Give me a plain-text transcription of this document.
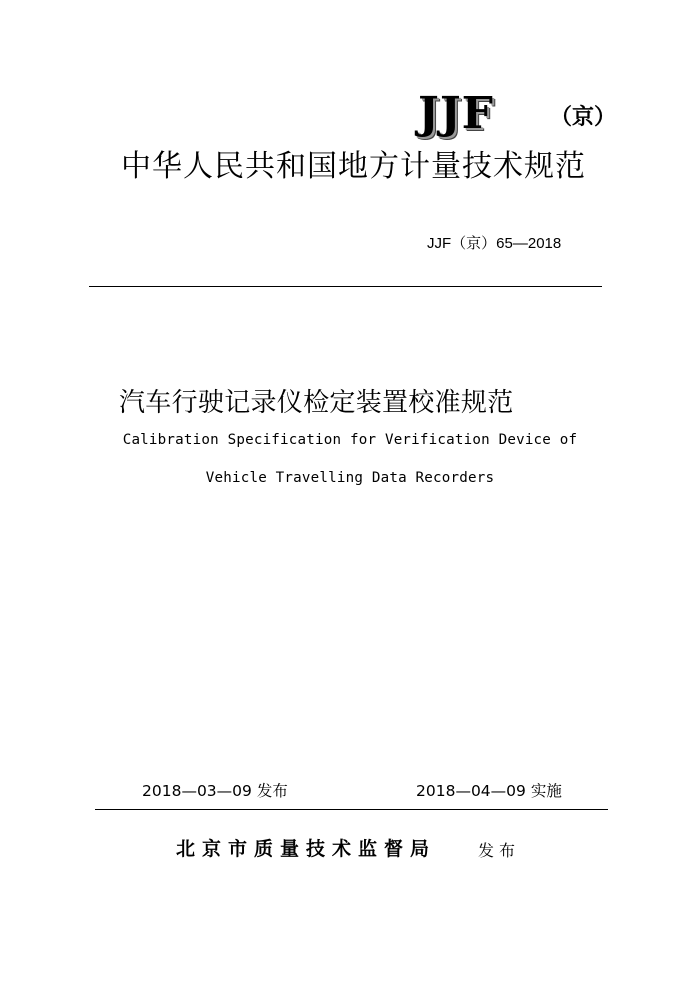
JJF	（京）
中华人民共和国地方计量技术规范
JJF（京）65—2018
汽车行驶记录仪检定装置校准规范
Calibration Specification for Verification Device of
Vehicle Travelling Data Recorders
2018—03—09 发布	2018—04—09 实施
北京市质量技术监督局	发布
